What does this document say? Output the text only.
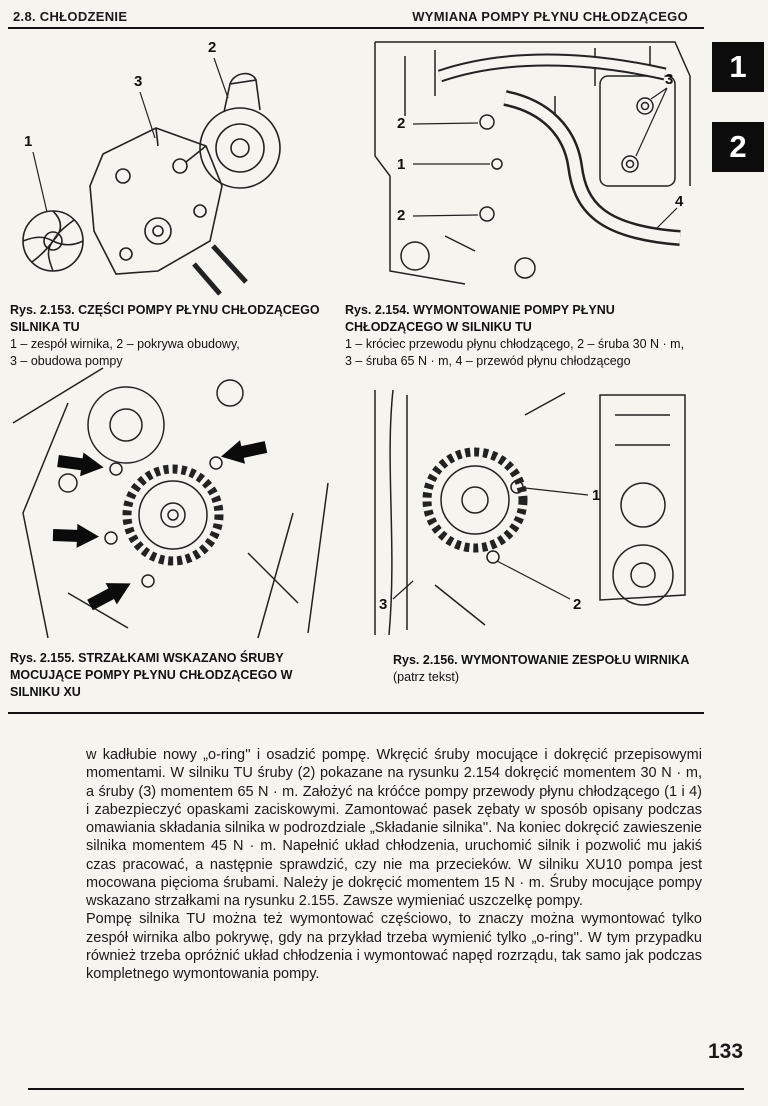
2.8. CHŁODZENIE	WYMIANA POMPY PŁYNU CHŁODZĄCEGO
1
2
2
3
1
3
2
1
2
4
1
2
3
Rys. 2.153. CZĘŚCI POMPY PŁYNU CHŁODZĄCEGO SILNIKA TU
1 – zespół wirnika, 2 – pokrywa obudowy,
3 – obudowa pompy
Rys. 2.154. WYMONTOWANIE POMPY PŁYNU CHŁODZĄCEGO W SILNIKU TU
1 – króciec przewodu płynu chłodzącego, 2 – śruba 30 N · m,
3 – śruba 65 N · m, 4 – przewód płynu chłodzącego
Rys. 2.155. STRZAŁKAMI WSKAZANO ŚRUBY MOCUJĄCE POMPY PŁYNU CHŁODZĄCEGO W SILNIKU XU
Rys. 2.156. WYMONTOWANIE ZESPOŁU WIRNIKA
(patrz tekst)

w kadłubie nowy „o-ring'' i osadzić pompę. Wkręcić śruby mocujące i dokręcić przepisowymi momentami. W silniku TU śruby (2) pokazane na rysunku 2.154 dokręcić momentem 30 N · m, a śruby (3) momentem 65 N · m. Założyć na króćce pompy przewody płynu chłodzącego (1 i 4) i zabezpieczyć opaskami zaciskowymi. Zamontować pasek zębaty w sposób opisany podczas omawiania składania silnika w podrozdziale „Składanie silnika''. Na koniec dokręcić zawieszenie silnika momentem 45 N · m. Napełnić układ chłodzenia, uruchomić silnik i pozwolić mu jakiś czas pracować, a następnie sprawdzić, czy nie ma przecieków. W silniku XU10 pompa jest mocowana pięcioma śrubami. Należy je dokręcić momentem 15 N · m. Śruby mocujące pompy wskazano strzałkami na rysunku 2.155. Zawsze wymieniać uszczelkę pompy.

Pompę silnika TU można też wymontować częściowo, to znaczy można wymontować tylko zespół wirnika albo pokrywę, gdy na przykład trzeba wymienić tylko „o-ring''. W tym przypadku również trzeba opróżnić układ chłodzenia i wymontować napęd rozrządu, tak samo jak podczas kompletnego wymontowania pompy.

133
